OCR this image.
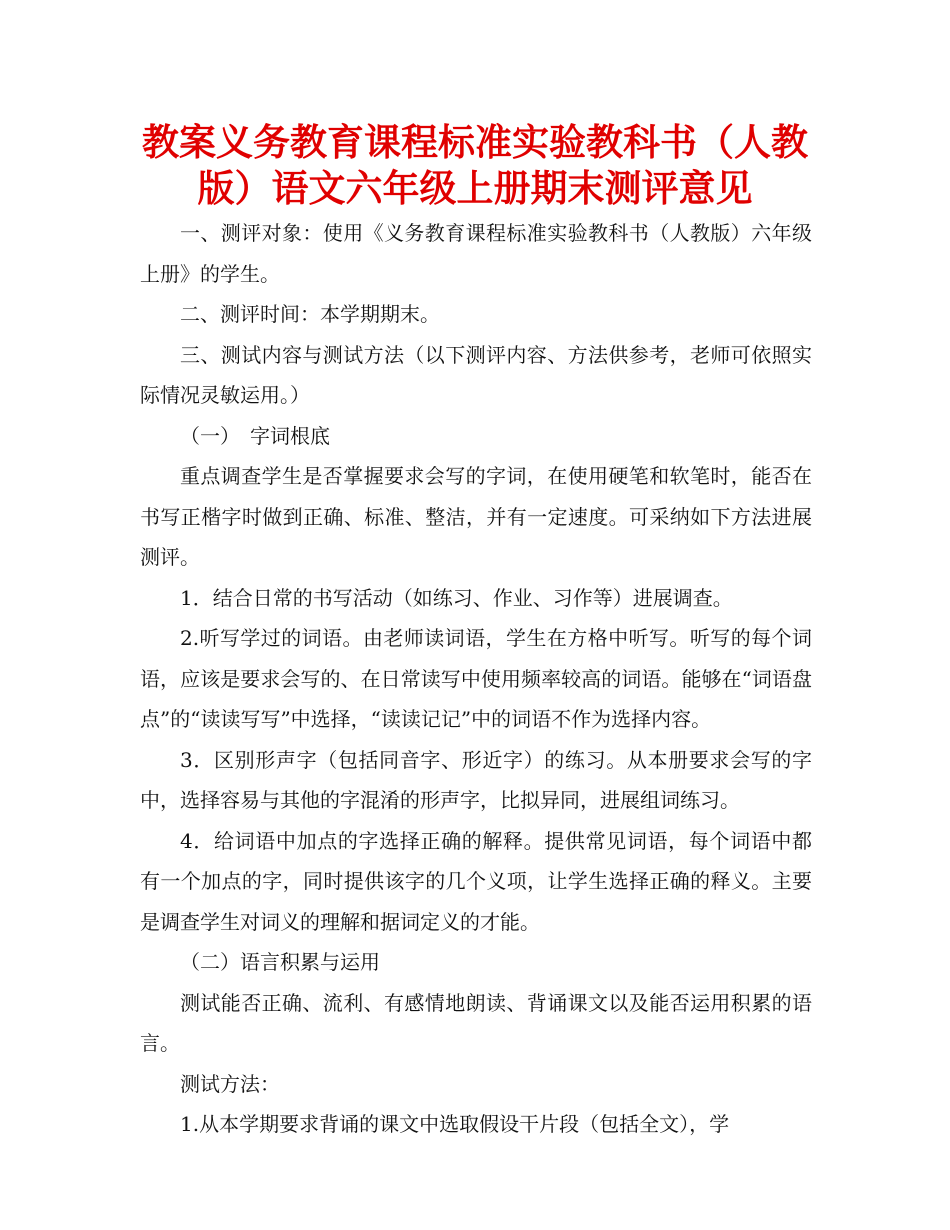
教案义务教育课程标准实验教科书（人教版）语文六年级上册期末测评意见

一、测评对象：使用《义务教育课程标准实验教科书（人教版）六年级上册》的学生。

二、测评时间：本学期期末。

三、测试内容与测试方法（以下测评内容、方法供参考，老师可依照实际情况灵敏运用。）

（一）　字词根底

重点调查学生是否掌握要求会写的字词，在使用硬笔和软笔时，能否在书写正楷字时做到正确、标准、整洁，并有一定速度。可采纳如下方法进展测评。

1．结合日常的书写活动（如练习、作业、习作等）进展调查。

2.听写学过的词语。由老师读词语，学生在方格中听写。听写的每个词语，应该是要求会写的、在日常读写中使用频率较高的词语。能够在“词语盘点”的“读读写写”中选择，“读读记记”中的词语不作为选择内容。

3．区别形声字（包括同音字、形近字）的练习。从本册要求会写的字中，选择容易与其他的字混淆的形声字，比拟异同，进展组词练习。

4．给词语中加点的字选择正确的解释。提供常见词语，每个词语中都有一个加点的字，同时提供该字的几个义项，让学生选择正确的释义。主要是调查学生对词义的理解和据词定义的才能。

（二）语言积累与运用

测试能否正确、流利、有感情地朗读、背诵课文以及能否运用积累的语言。

测试方法：

1.从本学期要求背诵的课文中选取假设干片段（包括全文），学
